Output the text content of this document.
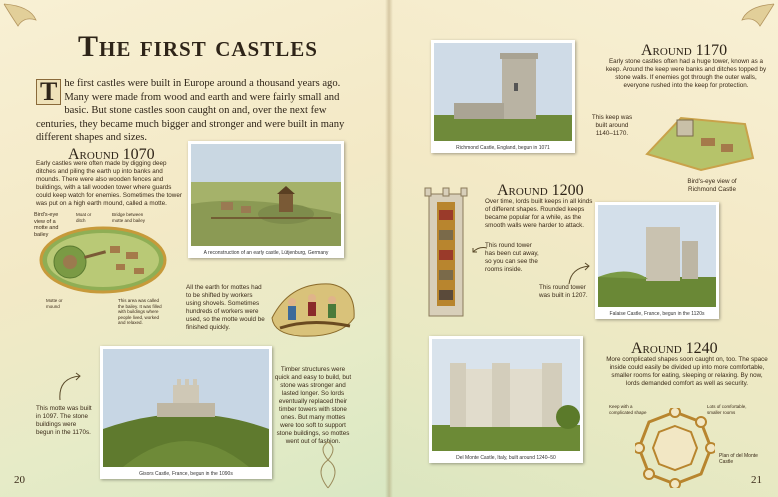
The first castles
T he first castles were built in Europe around a thousand years ago. Many were made from wood and earth and were fairly small and basic. But stone castles soon caught on and, over the next few centuries, they became much bigger and stronger and were built in many different shapes and sizes.
Around 1070
Early castles were often made by digging deep ditches and piling the earth up into banks and mounds. There were also wooden fences and buildings, with a tall wooden tower where guards could keep watch for enemies. Sometimes the tower was put on a high earth mound, called a motte.
A reconstruction of an early castle, Lütjenburg, Germany
Bird's-eye view of a motte and bailey
Moat or ditch
Bridge between motte and bailey
Motte or mound
This area was called the bailey. It was filled with buildings where people lived, worked and relaxed.
All the earth for mottes had to be shifted by workers using shovels. Sometimes hundreds of workers were used, so the motte would be finished quickly.
Gisors Castle, France, begun in the 1090s
This motte was built in 1097. The stone buildings were begun in the 1170s.
Timber structures were quick and easy to build, but stone was stronger and lasted longer. So lords eventually replaced their timber towers with stone ones. But many mottes were too soft to support stone buildings, so mottes went out of fashion.
20
Richmond Castle, England, begun in 1071
Around 1170
Early stone castles often had a huge tower, known as a keep. Around the keep were banks and ditches topped by stone walls. If enemies got through the outer walls, everyone rushed into the keep for protection.
This keep was built around 1140–1170.
Bird's-eye view of Richmond Castle
Around 1200
Over time, lords built keeps in all kinds of different shapes. Rounded keeps became popular for a while, as the smooth walls were harder to attack.
This round tower has been cut away, so you can see the rooms inside.
Falaise Castle, France, begun in the 1120s
This round tower was built in 1207.
Del Monte Castle, Italy, built around 1240–50
Around 1240
More complicated shapes soon caught on, too. The space inside could easily be divided up into more comfortable, smaller rooms for eating, sleeping or relaxing. By now, lords demanded comfort as well as security.
Keep with a complicated shape
Lots of comfortable, smaller rooms
Plan of del Monte Castle
21
